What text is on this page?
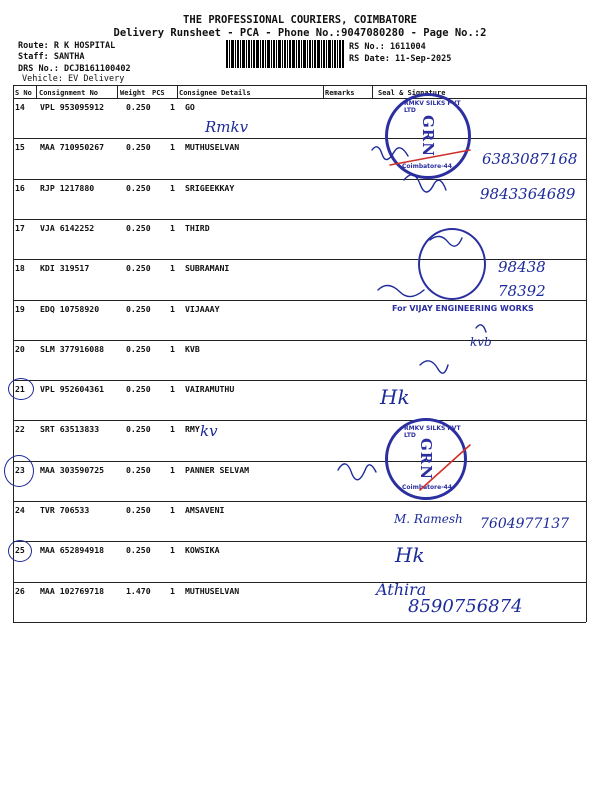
THE PROFESSIONAL COURIERS, COIMBATORE
Delivery Runsheet - PCA - Phone No.:9047080280 - Page No.:2
Route: R K HOSPITAL
Staff: SANTHA
DRS No.: DCJB161100402
Vehicle: EV Delivery
RS No.: 1611004
RS Date: 11-Sep-2025
S No Consignment No	Weight PCS Consignee Details	Remarks	Seal & Signature
14 VPL 953095912	0.250 1 GO
15 MAA 710950267	0.250 1 MUTHUSELVAN
16 RJP 1217880	0.250 1 SRIGEEKKAY
17 VJA 6142252	0.250 1 THIRD
18 KDI 319517	0.250 1 SUBRAMANI
19 EDQ 10758920	0.250 1 VIJAAAY
20 SLM 377916088	0.250 1 KVB
21 VPL 952604361	0.250 1 VAIRAMUTHU
22 SRT 63513833	0.250 1 RMY
23 MAA 303590725	0.250 1 PANNER SELVAM
24 TVR 706533	0.250 1 AMSAVENI
25 MAA 652894918	0.250 1 KOWSIKA
26 MAA 102769718	1.470 1 MUTHUSELVAN
GRN
RMKV SILKS PVT LTD
Coimbatore-44.
GRN
RMKV SILKS PVT LTD
Coimbatore-44.
For VIJAY ENGINEERING WORKS
Rmkv
6383087168
9843364689
98438
78392
kvb
Hk
kv
M. Ramesh 7604977137
Hk
Athira
8590756874
